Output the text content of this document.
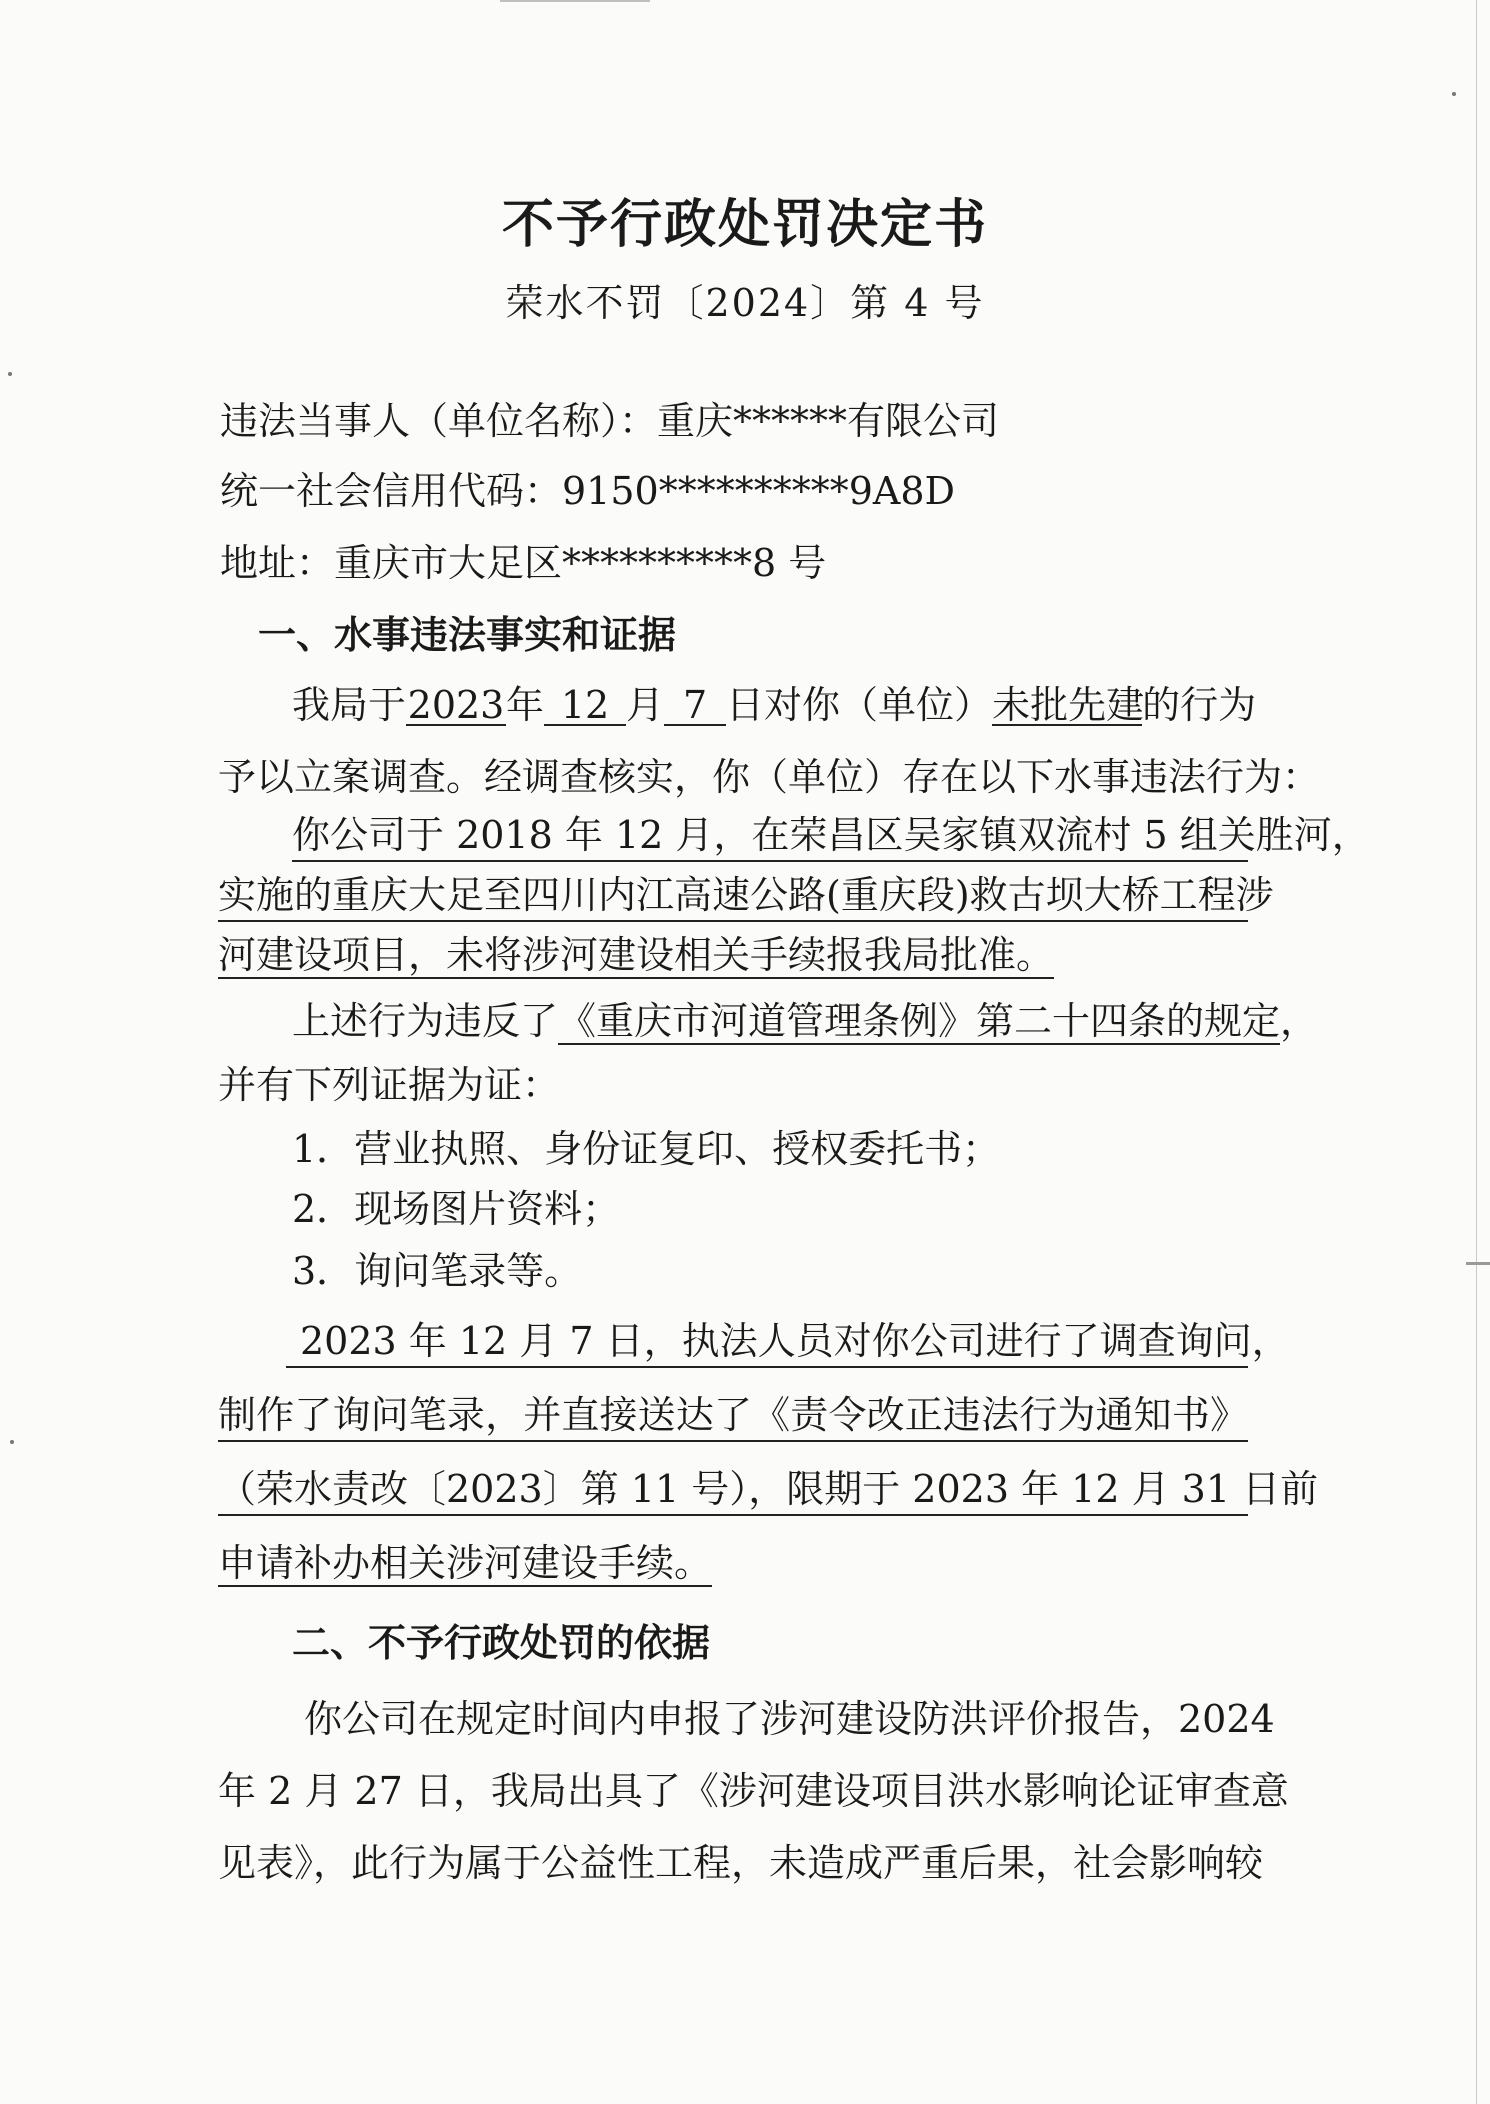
不予行政处罚决定书
荣水不罚〔2024〕第 4 号
违法当事人（单位名称）：重庆******有限公司
统一社会信用代码：9150**********9A8D
地址：重庆市大足区**********8 号
一、水事违法事实和证据
我局于2023年 12 月 7 日对你（单位）未批先建的行为
予以立案调查。经调查核实，你（单位）存在以下水事违法行为：
你公司于 2018 年 12 月，在荣昌区吴家镇双流村 5 组关胜河，
实施的重庆大足至四川内江高速公路(重庆段)救古坝大桥工程涉
河建设项目，未将涉河建设相关手续报我局批准。
上述行为违反了《重庆市河道管理条例》第二十四条的规定，
并有下列证据为证：
1．营业执照、身份证复印、授权委托书；
2．现场图片资料；
3．询问笔录等。
2023 年 12 月 7 日，执法人员对你公司进行了调查询问，
制作了询问笔录，并直接送达了《责令改正违法行为通知书》
（荣水责改〔2023〕第 11 号），限期于 2023 年 12 月 31 日前
申请补办相关涉河建设手续。
二、不予行政处罚的依据
你公司在规定时间内申报了涉河建设防洪评价报告，2024
年 2 月 27 日，我局出具了《涉河建设项目洪水影响论证审查意
见表》，此行为属于公益性工程，未造成严重后果，社会影响较
